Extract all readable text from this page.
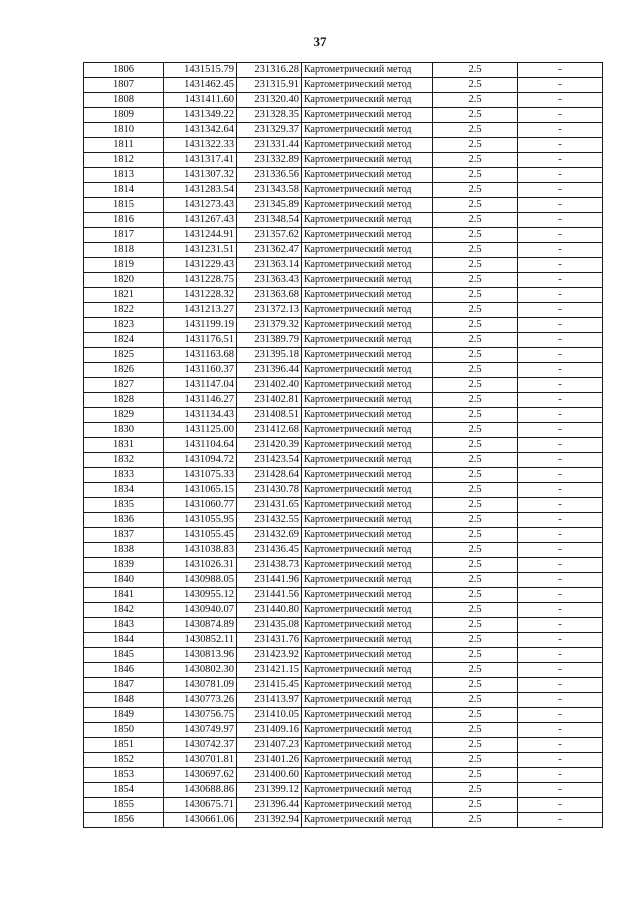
37
1806	1431515.79	231316.28	Картометрический метод	2.5	-
1807	1431462.45	231315.91	Картометрический метод	2.5	-
1808	1431411.60	231320.40	Картометрический метод	2.5	-
1809	1431349.22	231328.35	Картометрический метод	2.5	-
1810	1431342.64	231329.37	Картометрический метод	2.5	-
1811	1431322.33	231331.44	Картометрический метод	2.5	-
1812	1431317.41	231332.89	Картометрический метод	2.5	-
1813	1431307.32	231336.56	Картометрический метод	2.5	-
1814	1431283.54	231343.58	Картометрический метод	2.5	-
1815	1431273.43	231345.89	Картометрический метод	2.5	-
1816	1431267.43	231348.54	Картометрический метод	2.5	-
1817	1431244.91	231357.62	Картометрический метод	2.5	-
1818	1431231.51	231362.47	Картометрический метод	2.5	-
1819	1431229.43	231363.14	Картометрический метод	2.5	-
1820	1431228.75	231363.43	Картометрический метод	2.5	-
1821	1431228.32	231363.68	Картометрический метод	2.5	-
1822	1431213.27	231372.13	Картометрический метод	2.5	-
1823	1431199.19	231379.32	Картометрический метод	2.5	-
1824	1431176.51	231389.79	Картометрический метод	2.5	-
1825	1431163.68	231395.18	Картометрический метод	2.5	-
1826	1431160.37	231396.44	Картометрический метод	2.5	-
1827	1431147.04	231402.40	Картометрический метод	2.5	-
1828	1431146.27	231402.81	Картометрический метод	2.5	-
1829	1431134.43	231408.51	Картометрический метод	2.5	-
1830	1431125.00	231412.68	Картометрический метод	2.5	-
1831	1431104.64	231420.39	Картометрический метод	2.5	-
1832	1431094.72	231423.54	Картометрический метод	2.5	-
1833	1431075.33	231428.64	Картометрический метод	2.5	-
1834	1431065.15	231430.78	Картометрический метод	2.5	-
1835	1431060.77	231431.65	Картометрический метод	2.5	-
1836	1431055.95	231432.55	Картометрический метод	2.5	-
1837	1431055.45	231432.69	Картометрический метод	2.5	-
1838	1431038.83	231436.45	Картометрический метод	2.5	-
1839	1431026.31	231438.73	Картометрический метод	2.5	-
1840	1430988.05	231441.96	Картометрический метод	2.5	-
1841	1430955.12	231441.56	Картометрический метод	2.5	-
1842	1430940.07	231440.80	Картометрический метод	2.5	-
1843	1430874.89	231435.08	Картометрический метод	2.5	-
1844	1430852.11	231431.76	Картометрический метод	2.5	-
1845	1430813.96	231423.92	Картометрический метод	2.5	-
1846	1430802.30	231421.15	Картометрический метод	2.5	-
1847	1430781.09	231415.45	Картометрический метод	2.5	-
1848	1430773.26	231413.97	Картометрический метод	2.5	-
1849	1430756.75	231410.05	Картометрический метод	2.5	-
1850	1430749.97	231409.16	Картометрический метод	2.5	-
1851	1430742.37	231407.23	Картометрический метод	2.5	-
1852	1430701.81	231401.26	Картометрический метод	2.5	-
1853	1430697.62	231400.60	Картометрический метод	2.5	-
1854	1430688.86	231399.12	Картометрический метод	2.5	-
1855	1430675.71	231396.44	Картометрический метод	2.5	-
1856	1430661.06	231392.94	Картометрический метод	2.5	-
